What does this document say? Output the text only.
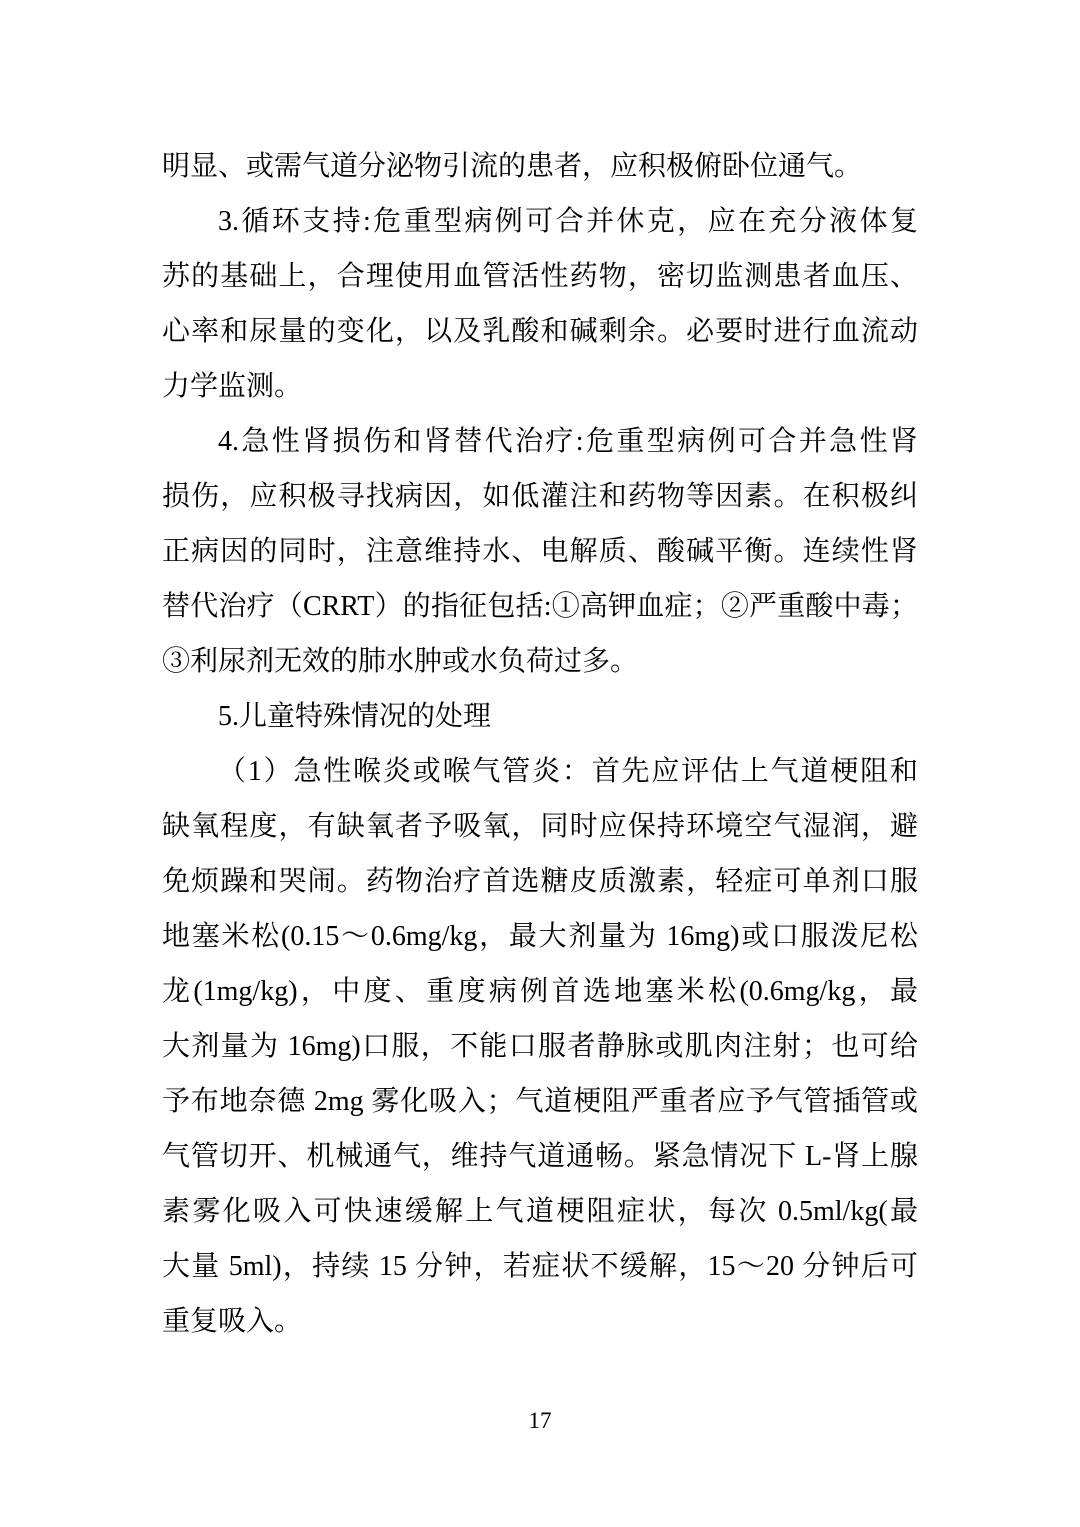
明显、或需气道分泌物引流的患者，应积极俯卧位通气。
3.循环支持:危重型病例可合并休克，应在充分液体复
苏的基础上，合理使用血管活性药物，密切监测患者血压、
心率和尿量的变化，以及乳酸和碱剩余。必要时进行血流动
力学监测。
4.急性肾损伤和肾替代治疗:危重型病例可合并急性肾
损伤，应积极寻找病因，如低灌注和药物等因素。在积极纠
正病因的同时，注意维持水、电解质、酸碱平衡。连续性肾
替代治疗（CRRT）的指征包括:①高钾血症；②严重酸中毒；
③利尿剂无效的肺水肿或水负荷过多。
5.儿童特殊情况的处理
（1）急性喉炎或喉气管炎：首先应评估上气道梗阻和
缺氧程度，有缺氧者予吸氧，同时应保持环境空气湿润，避
免烦躁和哭闹。药物治疗首选糖皮质激素，轻症可单剂口服
地塞米松(0.15～0.6mg/kg，最大剂量为 16mg)或口服泼尼松
龙(1mg/kg)，中度、重度病例首选地塞米松(0.6mg/kg，最
大剂量为 16mg)口服，不能口服者静脉或肌肉注射；也可给
予布地奈德 2mg 雾化吸入；气道梗阻严重者应予气管插管或
气管切开、机械通气，维持气道通畅。紧急情况下 L-肾上腺
素雾化吸入可快速缓解上气道梗阻症状，每次 0.5ml/kg(最
大量 5ml)，持续 15 分钟，若症状不缓解，15～20 分钟后可
重复吸入。
17
